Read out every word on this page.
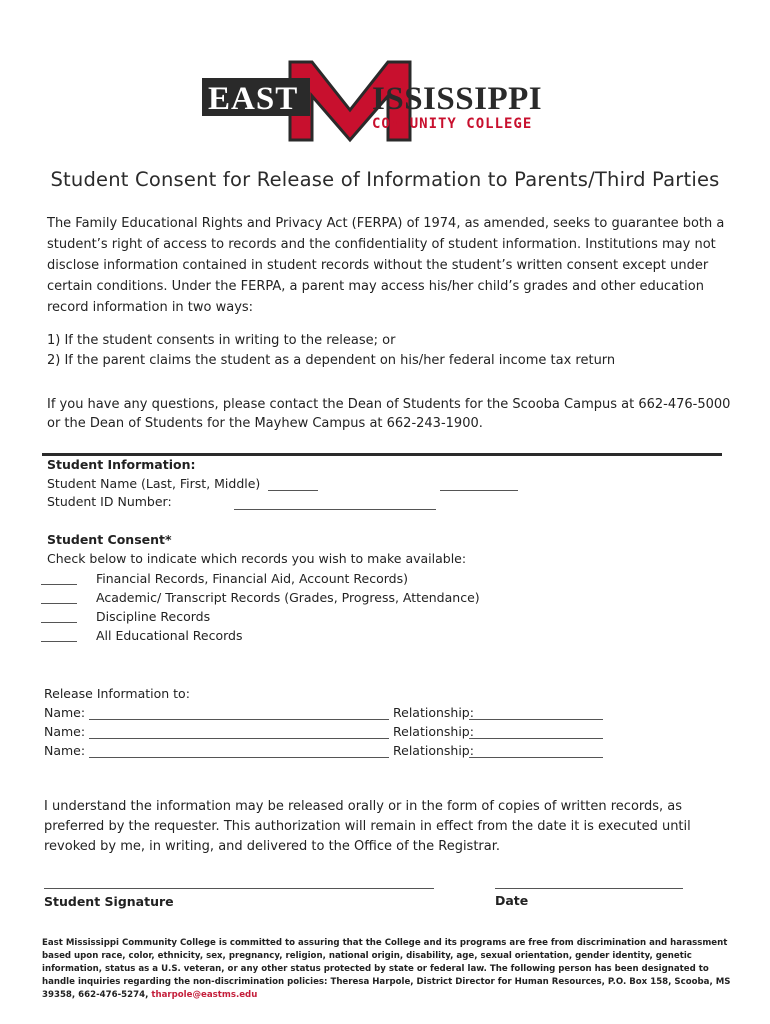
EAST ISSISSIPPI
COMMUNITY COLLEGE
Student Consent for Release of Information to Parents/Third Parties
The Family Educational Rights and Privacy Act (FERPA) of 1974, as amended, seeks to guarantee both a student’s right of access to records and the confidentiality of student information. Institutions may not disclose information contained in student records without the student’s written consent except under certain conditions. Under the FERPA, a parent may access his/her child’s grades and other education record information in two ways:
1) If the student consents in writing to the release; or
2) If the parent claims the student as a dependent on his/her federal income tax return
If you have any questions, please contact the Dean of Students for the Scooba Campus at 662-476-5000 or the Dean of Students for the Mayhew Campus at 662-243-1900.
Student Information:
Student Name (Last, First, Middle)
Student ID Number:
Student Consent*
Check below to indicate which records you wish to make available:
Financial Records, Financial Aid, Account Records)
Academic/ Transcript Records (Grades, Progress, Attendance)
Discipline Records
All Educational Records
Release Information to:
Name:	Relationship:
Name:	Relationship:
Name:	Relationship:
I understand the information may be released orally or in the form of copies of written records, as preferred by the requester. This authorization will remain in effect from the date it is executed until revoked by me, in writing, and delivered to the Office of the Registrar.
Student Signature	Date
East Mississippi Community College is committed to assuring that the College and its programs are free from discrimination and harassment based upon race, color, ethnicity, sex, pregnancy, religion, national origin, disability, age, sexual orientation, gender identity, genetic information, status as a U.S. veteran, or any other status protected by state or federal law. The following person has been designated to handle inquiries regarding the non-discrimination policies: Theresa Harpole, District Director for Human Resources, P.O. Box 158, Scooba, MS 39358, 662-476-5274, tharpole@eastms.edu
